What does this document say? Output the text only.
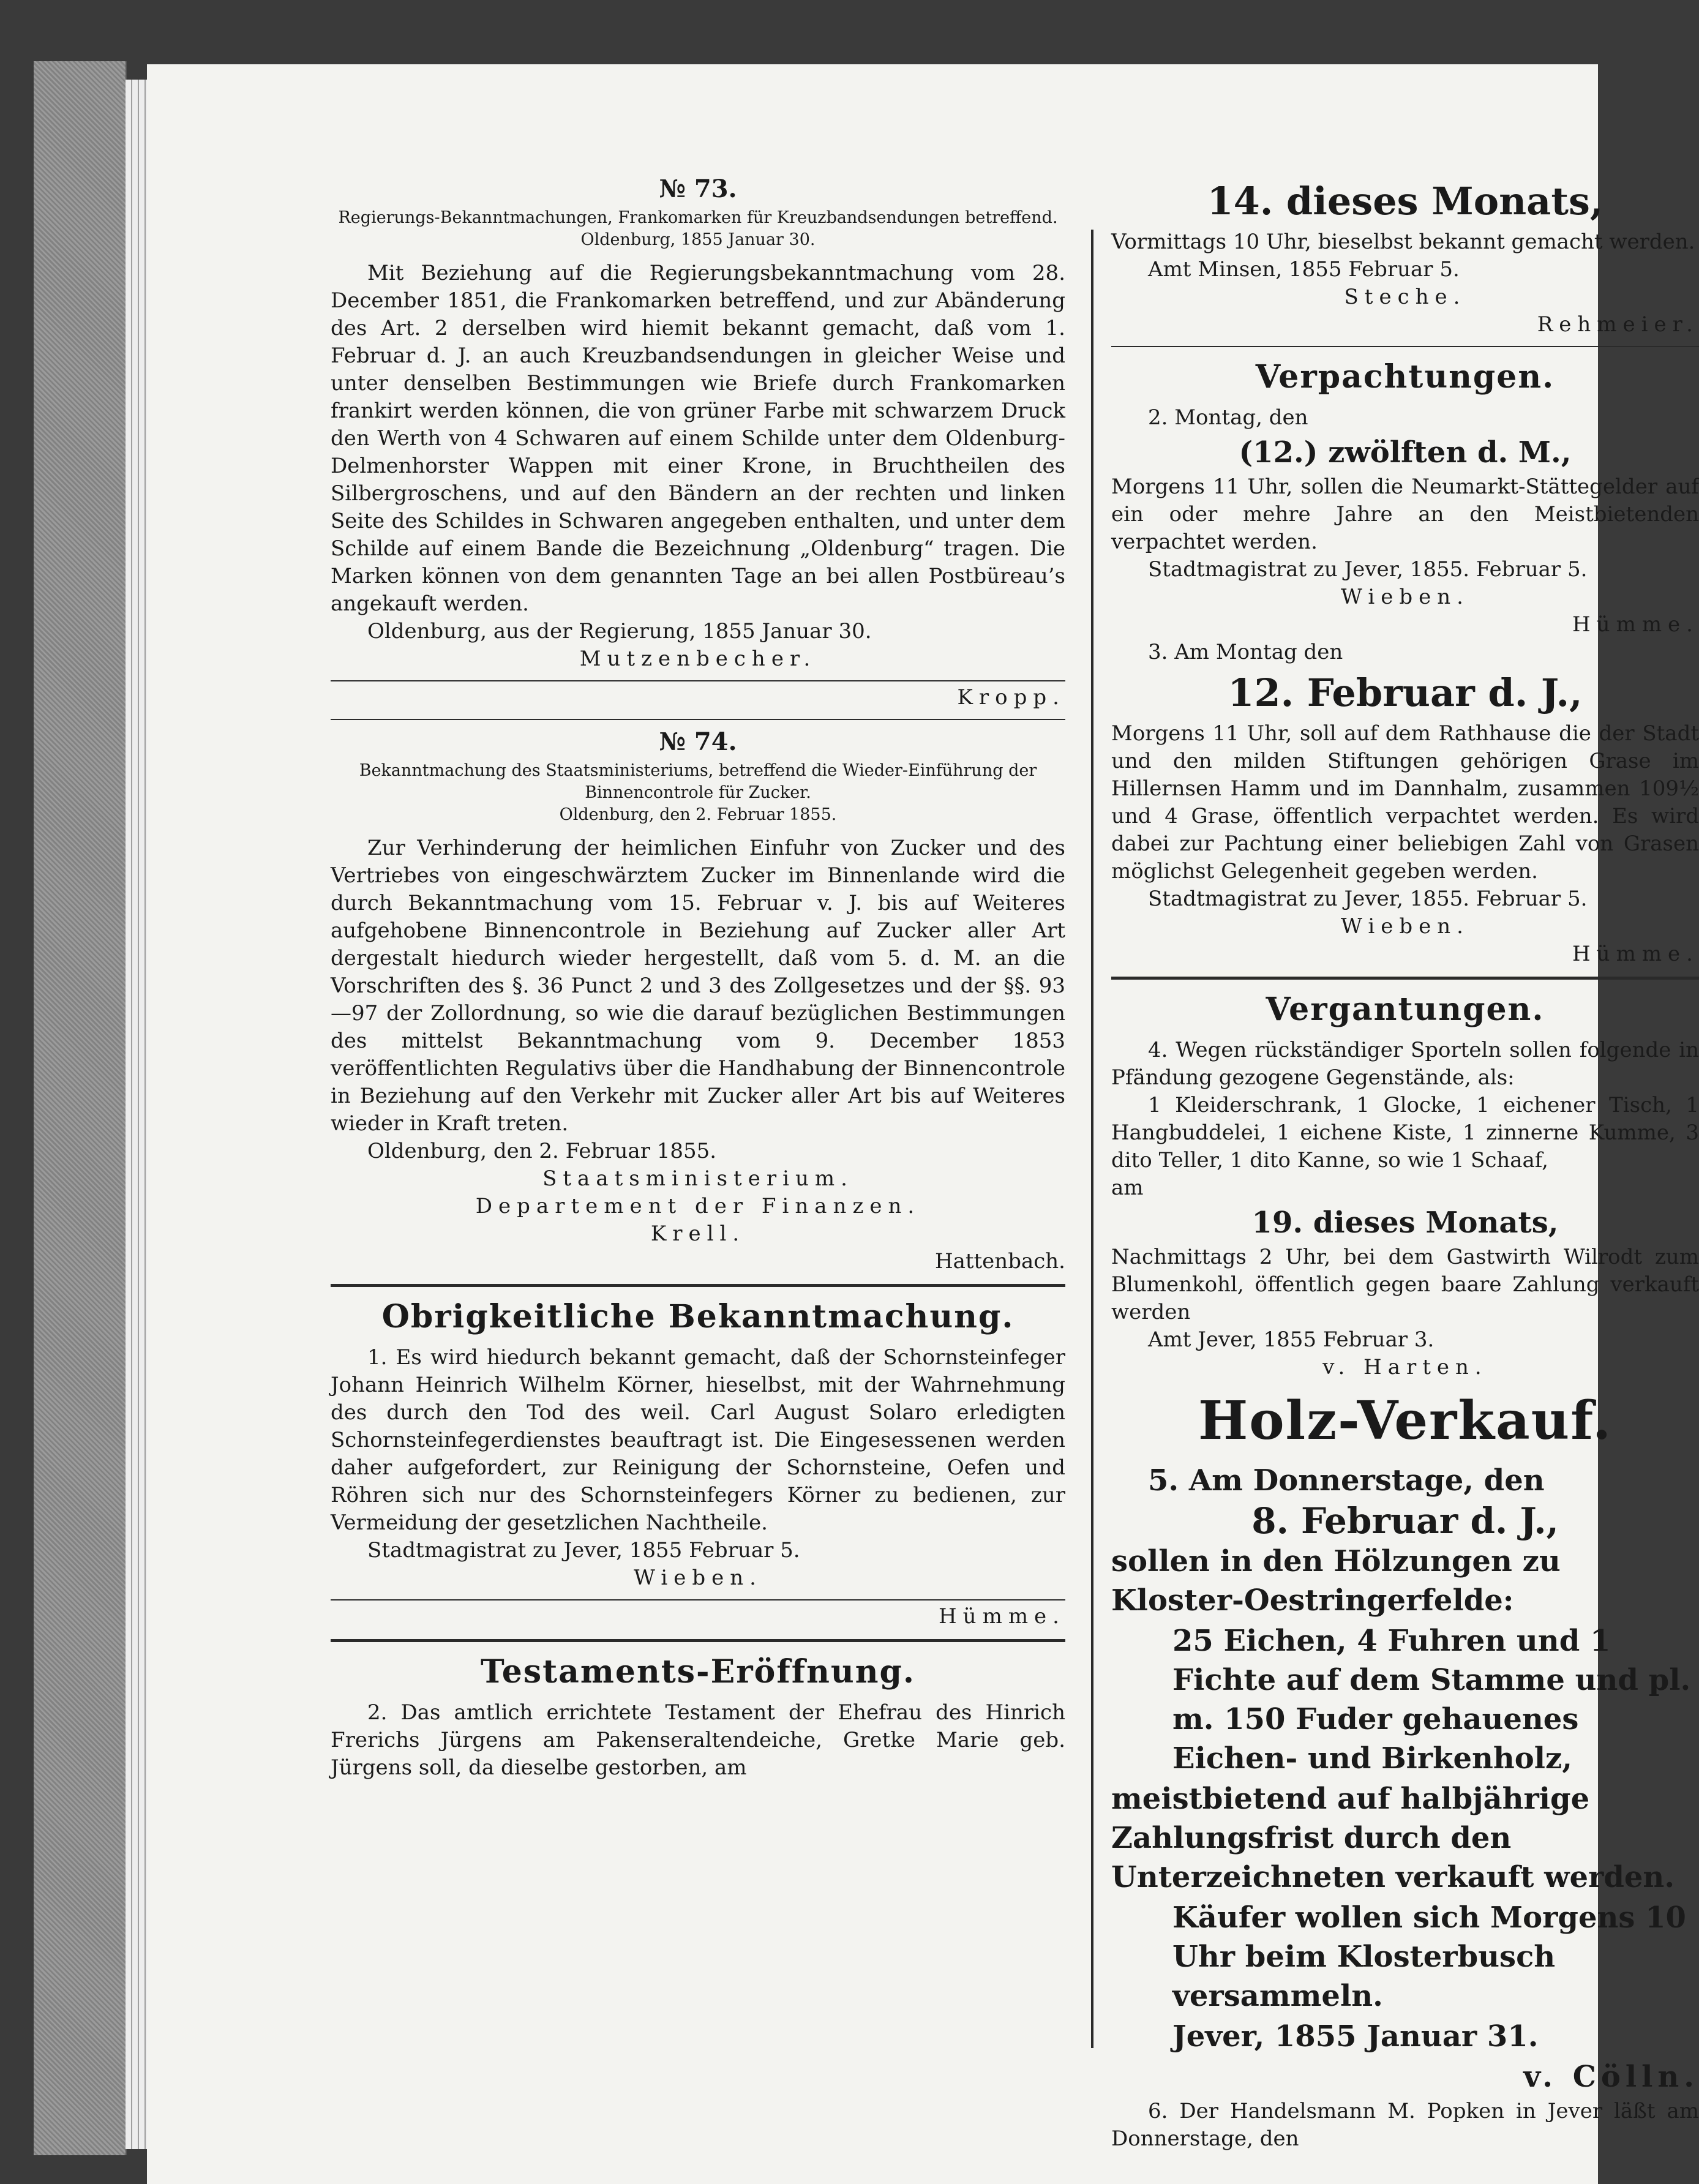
№ 73.

Regierungs-Bekanntmachungen, Frankomarken für Kreuzbandsendungen betreffend.

Oldenburg, 1855 Januar 30.

Mit Beziehung auf die Regierungsbekanntmachung vom 28. December 1851, die Frankomarken betreffend, und zur Abänderung des Art. 2 derselben wird hiemit bekannt gemacht, daß vom 1. Februar d. J. an auch Kreuzbandsendungen in gleicher Weise und unter denselben Bestimmungen wie Briefe durch Frankomarken frankirt werden können, die von grüner Farbe mit schwarzem Druck den Werth von 4 Schwaren auf einem Schilde unter dem Oldenburg-Delmenhorster Wappen mit einer Krone, in Bruchtheilen des Silbergroschens, und auf den Bändern an der rechten und linken Seite des Schildes in Schwaren angegeben enthalten, und unter dem Schilde auf einem Bande die Bezeichnung „Oldenburg“ tragen. Die Marken können von dem genannten Tage an bei allen Postbüreau’s angekauft werden.

Oldenburg, aus der Regierung, 1855 Januar 30.

Mutzenbecher.

Kropp.

№ 74.

Bekanntmachung des Staatsministeriums, betreffend die Wieder-Einführung der Binnencontrole für Zucker.

Oldenburg, den 2. Februar 1855.

Zur Verhinderung der heimlichen Einfuhr von Zucker und des Vertriebes von eingeschwärztem Zucker im Binnenlande wird die durch Bekanntmachung vom 15. Februar v. J. bis auf Weiteres aufgehobene Binnencontrole in Beziehung auf Zucker aller Art dergestalt hiedurch wieder hergestellt, daß vom 5. d. M. an die Vorschriften des §. 36 Punct 2 und 3 des Zollgesetzes und der §§. 93—97 der Zollordnung, so wie die darauf bezüglichen Bestimmungen des mittelst Bekanntmachung vom 9. December 1853 veröffentlichten Regulativs über die Handhabung der Binnencontrole in Beziehung auf den Verkehr mit Zucker aller Art bis auf Weiteres wieder in Kraft treten.

Oldenburg, den 2. Februar 1855.

Staatsministerium.

Departement der Finanzen.

Krell.

Hattenbach.

Obrigkeitliche Bekanntmachung.

1. Es wird hiedurch bekannt gemacht, daß der Schornsteinfeger Johann Heinrich Wilhelm Körner, hieselbst, mit der Wahrnehmung des durch den Tod des weil. Carl August Solaro erledigten Schornsteinfegerdienstes beauftragt ist. Die Eingesessenen werden daher aufgefordert, zur Reinigung der Schornsteine, Oefen und Röhren sich nur des Schornsteinfegers Körner zu bedienen, zur Vermeidung der gesetzlichen Nachtheile.

Stadtmagistrat zu Jever, 1855 Februar 5.

Wieben.

Hümme.

Testaments-Eröffnung.

2. Das amtlich errichtete Testament der Ehefrau des Hinrich Frerichs Jürgens am Pakenseraltendeiche, Gretke Marie geb. Jürgens soll, da dieselbe gestorben, am

14. dieses Monats,

Vormittags 10 Uhr, bieselbst bekannt gemacht werden.

Amt Minsen, 1855 Februar 5.

Steche.

Rehmeier.

Verpachtungen.

2. Montag, den

(12.) zwölften d. M.,

Morgens 11 Uhr, sollen die Neumarkt-Stättegelder auf ein oder mehre Jahre an den Meistbietenden verpachtet werden.

Stadtmagistrat zu Jever, 1855. Februar 5.

Wieben.

Hümme.

3. Am Montag den

12. Februar d. J.,

Morgens 11 Uhr, soll auf dem Rathhause die der Stadt und den milden Stiftungen gehörigen Grase im Hillernsen Hamm und im Dannhalm, zusammen 109½ und 4 Grase, öffentlich verpachtet werden. Es wird dabei zur Pachtung einer beliebigen Zahl von Grasen möglichst Gelegenheit gegeben werden.

Stadtmagistrat zu Jever, 1855. Februar 5.

Wieben.

Hümme.

Vergantungen.

4. Wegen rückständiger Sporteln sollen folgende in Pfändung gezogene Gegenstände, als:

1 Kleiderschrank, 1 Glocke, 1 eichener Tisch, 1 Hangbuddelei, 1 eichene Kiste, 1 zinnerne Kumme, 3 dito Teller, 1 dito Kanne, so wie 1 Schaaf,

am

19. dieses Monats,

Nachmittags 2 Uhr, bei dem Gastwirth Wilrodt zum Blumenkohl, öffentlich gegen baare Zahlung verkauft werden

Amt Jever, 1855 Februar 3.

v. Harten.

Holz-Verkauf.
5. Am Donnerstage, den
8. Februar d. J.,
sollen in den Hölzungen zu Kloster-Oestringerfelde:
25 Eichen, 4 Fuhren und 1 Fichte auf dem Stamme und pl. m. 150 Fuder gehauenes Eichen- und Birkenholz,
meistbietend auf halbjährige Zahlungsfrist durch den Unterzeichneten verkauft werden.
Käufer wollen sich Morgens 10 Uhr beim Klosterbusch versammeln.
Jever, 1855 Januar 31.
v. Cölln.

6. Der Handelsmann M. Popken in Jever läßt am Donnerstage, den
